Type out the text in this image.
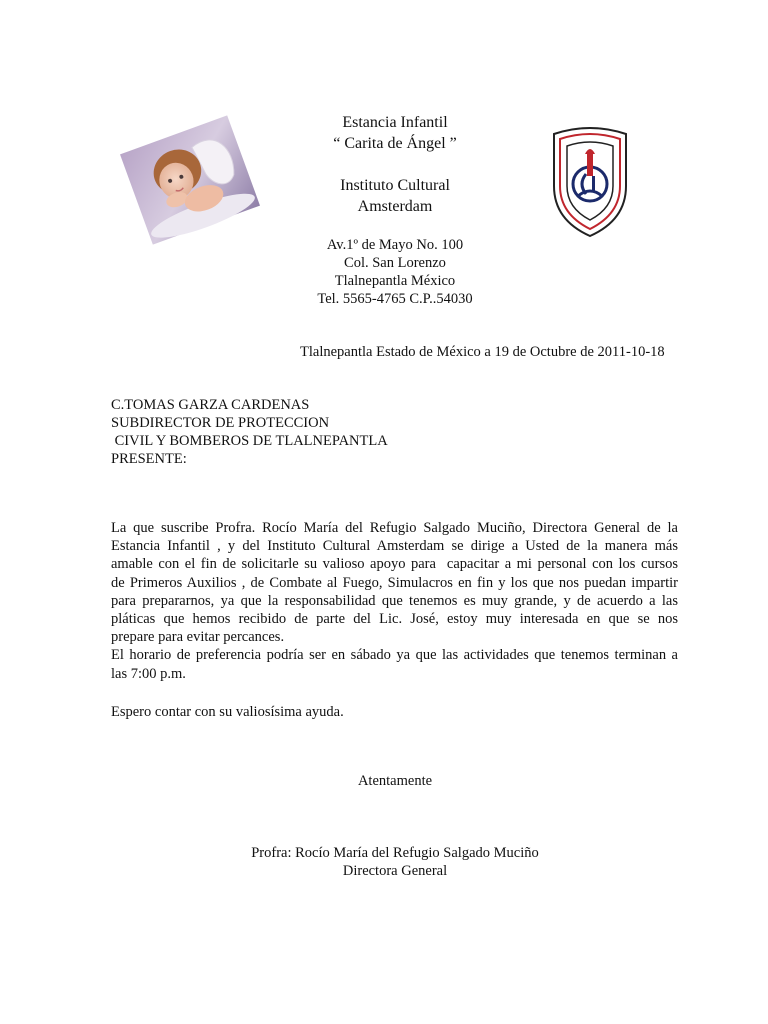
Estancia Infantil

“ Carita de Ángel ”

Instituto Cultural

Amsterdam

Av.1º de Mayo No. 100

Col. San Lorenzo

Tlalnepantla México

Tel. 5565-4765 C.P..54030

Tlalnepantla Estado de México a 19 de Octubre de 2011-10-18

C.TOMAS GARZA CARDENAS

SUBDIRECTOR DE PROTECCION

CIVIL Y BOMBEROS DE TLALNEPANTLA

PRESENTE:

La que suscribe Profra. Rocío María del Refugio Salgado Muciño, Directora General de la

Estancia Infantil , y del Instituto Cultural Amsterdam se dirige a Usted de la manera más

amable con el fin de solicitarle su valioso apoyo para  capacitar a mi personal con los cursos

de Primeros Auxilios , de Combate al Fuego, Simulacros en fin y los que nos puedan impartir

para prepararnos, ya que la responsabilidad que tenemos es muy grande, y de acuerdo a las

pláticas que hemos recibido de parte del Lic. José, estoy muy interesada en que se nos

prepare para evitar percances.

El horario de preferencia podría ser en sábado ya que las actividades que tenemos terminan a

las 7:00 p.m.

Espero contar con su valiosísima ayuda.

Atentamente

Profra: Rocío María del Refugio Salgado Muciño

Directora General
